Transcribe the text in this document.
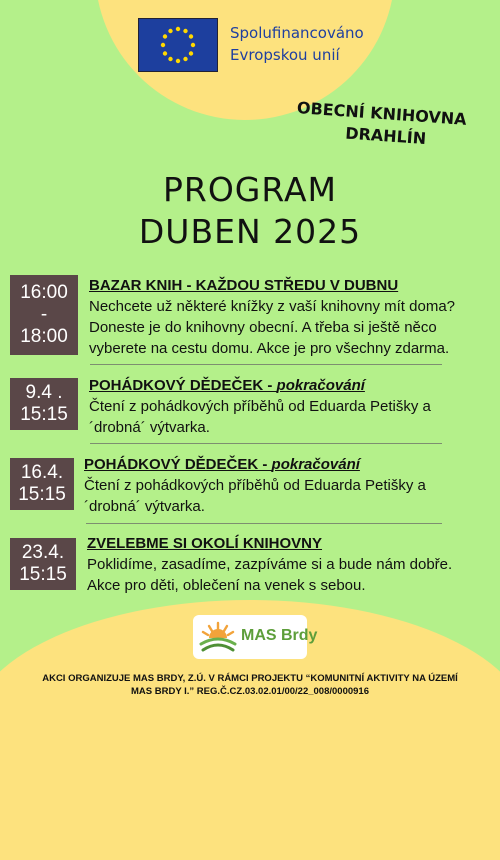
Spolufinancováno
Evropskou unií
OBECNÍ KNIHOVNA
DRAHLÍN
PROGRAM
DUBEN 2025
16:00
-
18:00
BAZAR KNIH - KAŽDOU STŘEDU V DUBNU
Nechcete už některé knížky z vaší knihovny mít doma?
Doneste je do knihovny obecní. A třeba si ještě něco
vyberete na cestu domu. Akce je pro všechny zdarma.
9.4 .
15:15
POHÁDKOVÝ DĚDEČEK - pokračování
Čtení z pohádkových příběhů od Eduarda Petišky a
´drobná´ výtvarka.
16.4.
15:15
POHÁDKOVÝ DĚDEČEK - pokračování
Čtení z pohádkových příběhů od Eduarda Petišky a
´drobná´ výtvarka.
23.4.
15:15
ZVELEBME SI OKOLÍ KNIHOVNY
Poklidíme, zasadíme, zazpíváme si a bude nám dobře.
Akce pro děti, oblečení na venek s sebou.
MAS Brdy
AKCI ORGANIZUJE MAS BRDY, Z.Ú. V RÁMCI PROJEKTU “KOMUNITNÍ AKTIVITY NA ÚZEMÍ
MAS BRDY I.” REG.Č.CZ.03.02.01/00/22_008/0000916
